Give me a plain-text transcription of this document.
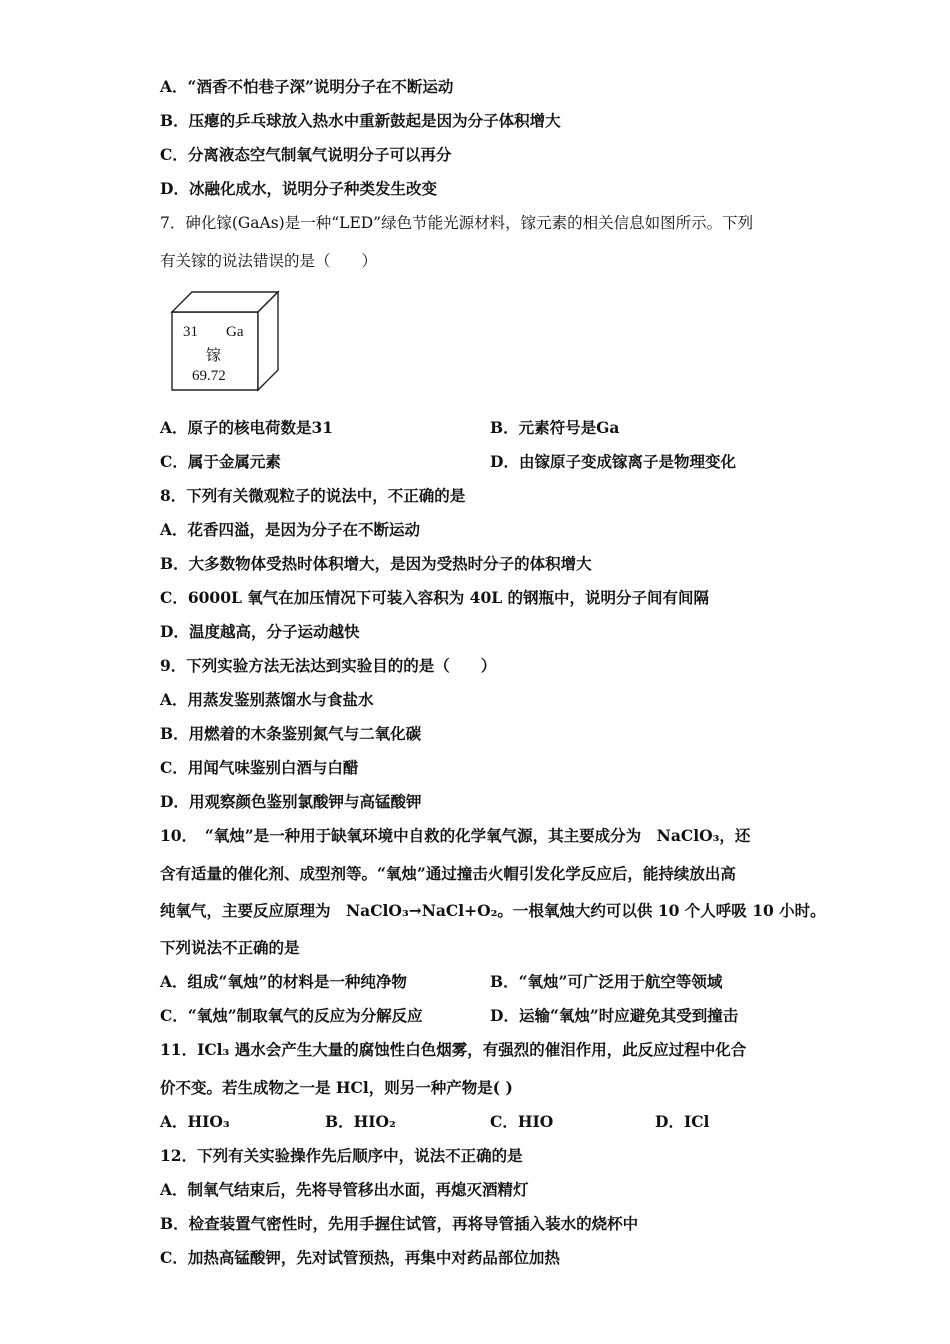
A．“酒香不怕巷子深”说明分子在不断运动
B．压瘪的乒乓球放入热水中重新鼓起是因为分子体积增大
C．分离液态空气制氧气说明分子可以再分
D．冰融化成水，说明分子种类发生改变
7．砷化镓(GaAs)是一种“LED”绿色节能光源材料，镓元素的相关信息如图所示。下列
有关镓的说法错误的是（　　）
31 Ga
镓
69.72
A．原子的核电荷数是31	B．元素符号是Ga
C．属于金属元素	D．由镓原子变成镓离子是物理变化
8．下列有关微观粒子的说法中，不正确的是
A．花香四溢，是因为分子在不断运动
B．大多数物体受热时体积增大，是因为受热时分子的体积增大
C．6000L 氧气在加压情况下可装入容积为 40L 的钢瓶中，说明分子间有间隔
D．温度越高，分子运动越快
9．下列实验方法无法达到实验目的的是（　　）
A．用蒸发鉴别蒸馏水与食盐水
B．用燃着的木条鉴别氮气与二氧化碳
C．用闻气味鉴别白酒与白醋
D．用观察颜色鉴别氯酸钾与高锰酸钾
10．　“氧烛”是一种用于缺氧环境中自救的化学氧气源，其主要成分为　NaClO₃，还
含有适量的催化剂、成型剂等。“氧烛”通过撞击火帽引发化学反应后，能持续放出高
纯氧气，主要反应原理为　NaClO₃→NaCl+O₂。一根氧烛大约可以供 10 个人呼吸 10 小时。
下列说法不正确的是
A．组成“氧烛”的材料是一种纯净物	B．“氧烛”可广泛用于航空等领域
C．“氧烛”制取氧气的反应为分解反应	D．运输“氧烛”时应避免其受到撞击
11．ICl₃ 遇水会产生大量的腐蚀性白色烟雾，有强烈的催泪作用，此反应过程中化合
价不变。若生成物之一是 HCl，则另一种产物是( )
A．HIO₃	B．HIO₂	C．HIO	D．ICl
12．下列有关实验操作先后顺序中，说法不正确的是
A．制氧气结束后，先将导管移出水面，再熄灭酒精灯
B．检查装置气密性时，先用手握住试管，再将导管插入装水的烧杯中
C．加热高锰酸钾，先对试管预热，再集中对药品部位加热
